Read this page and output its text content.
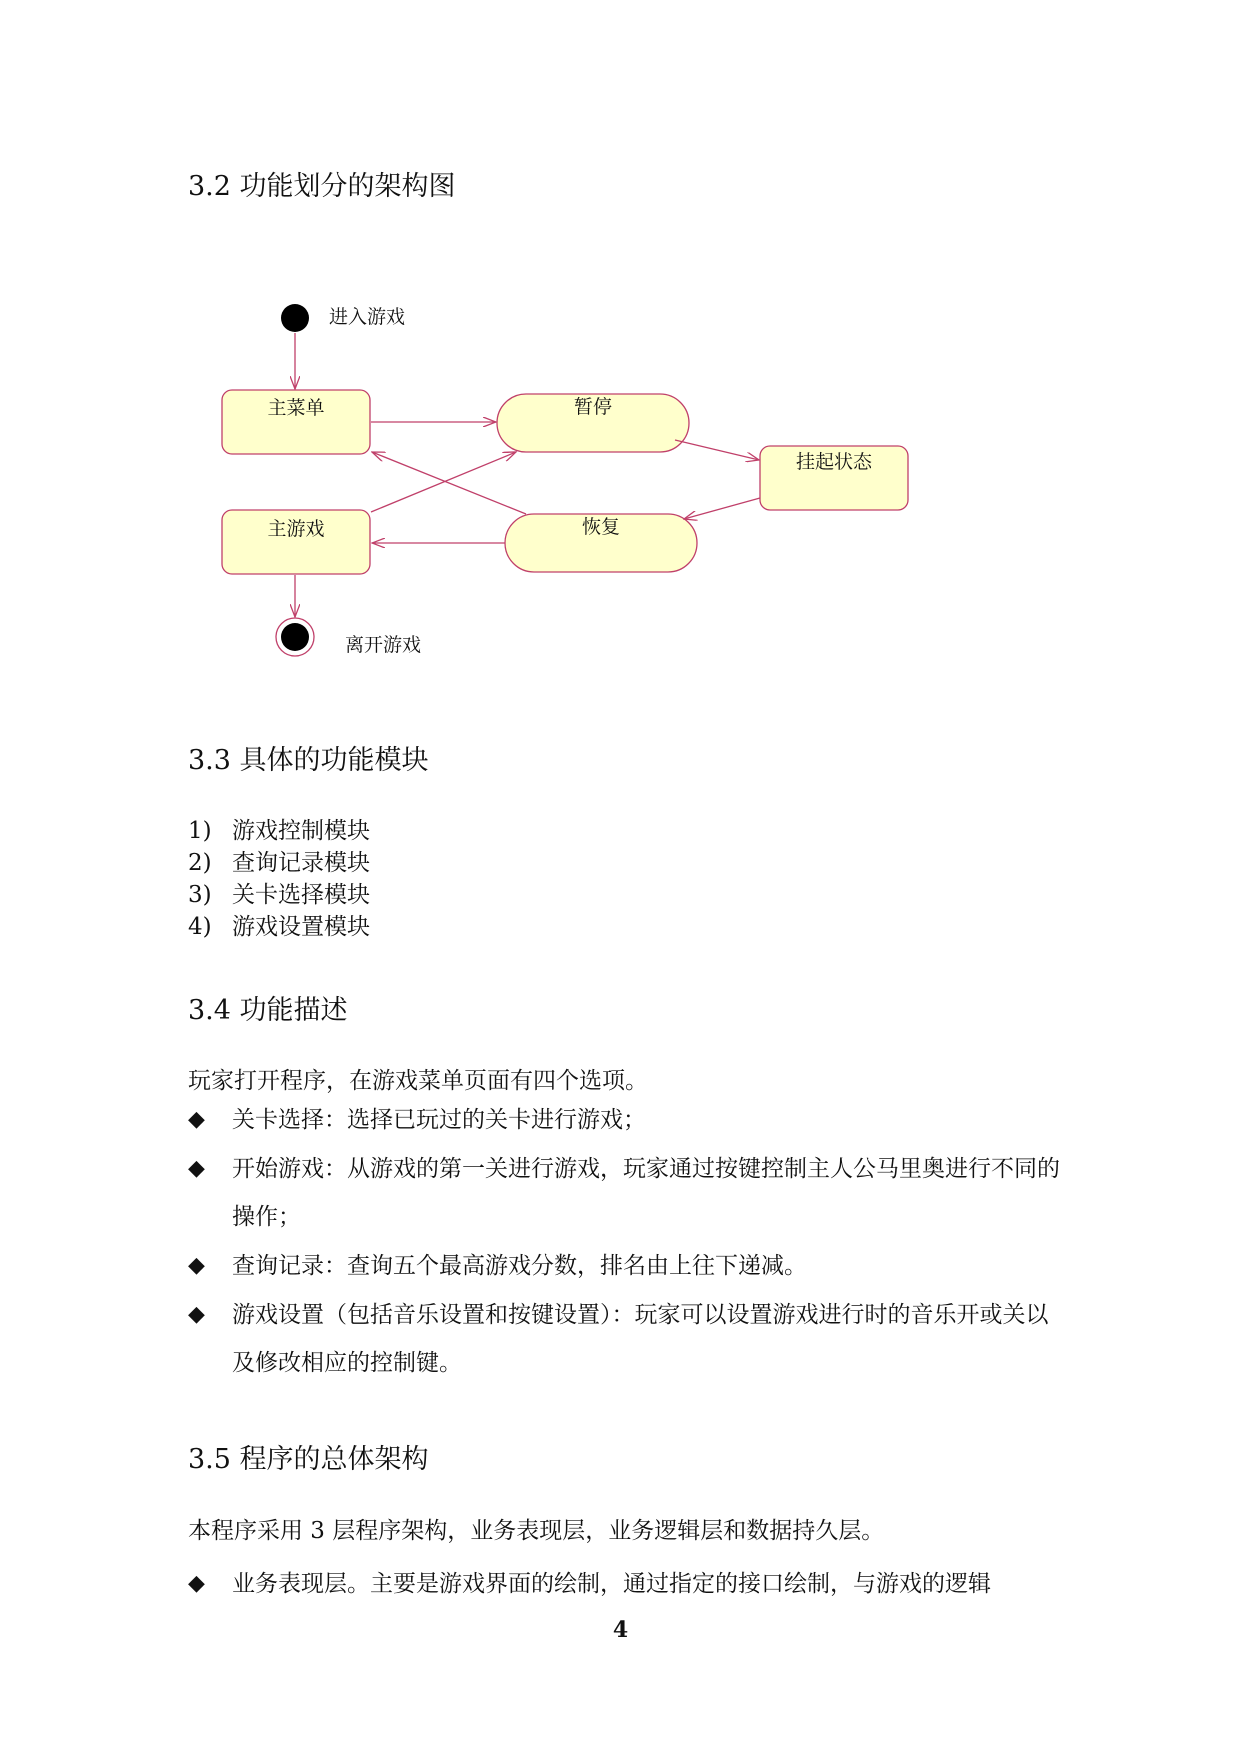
3.2 功能划分的架构图
进入游戏
主菜单
主游戏
暂停
恢复
挂起状态
离开游戏
3.3 具体的功能模块
1) 游戏控制模块
2) 查询记录模块
3) 关卡选择模块
4) 游戏设置模块
3.4 功能描述

玩家打开程序，在游戏菜单页面有四个选项。

◆	关卡选择：选择已玩过的关卡进行游戏；
◆	开始游戏：从游戏的第一关进行游戏，玩家通过按键控制主人公马里奥进行不同的操作；
◆	查询记录：查询五个最高游戏分数，排名由上往下递减。
◆	游戏设置（包括音乐设置和按键设置）：玩家可以设置游戏进行时的音乐开或关以及修改相应的控制键。
3.5 程序的总体架构

本程序采用 3 层程序架构，业务表现层，业务逻辑层和数据持久层。

◆	业务表现层。主要是游戏界面的绘制，通过指定的接口绘制，与游戏的逻辑
4
